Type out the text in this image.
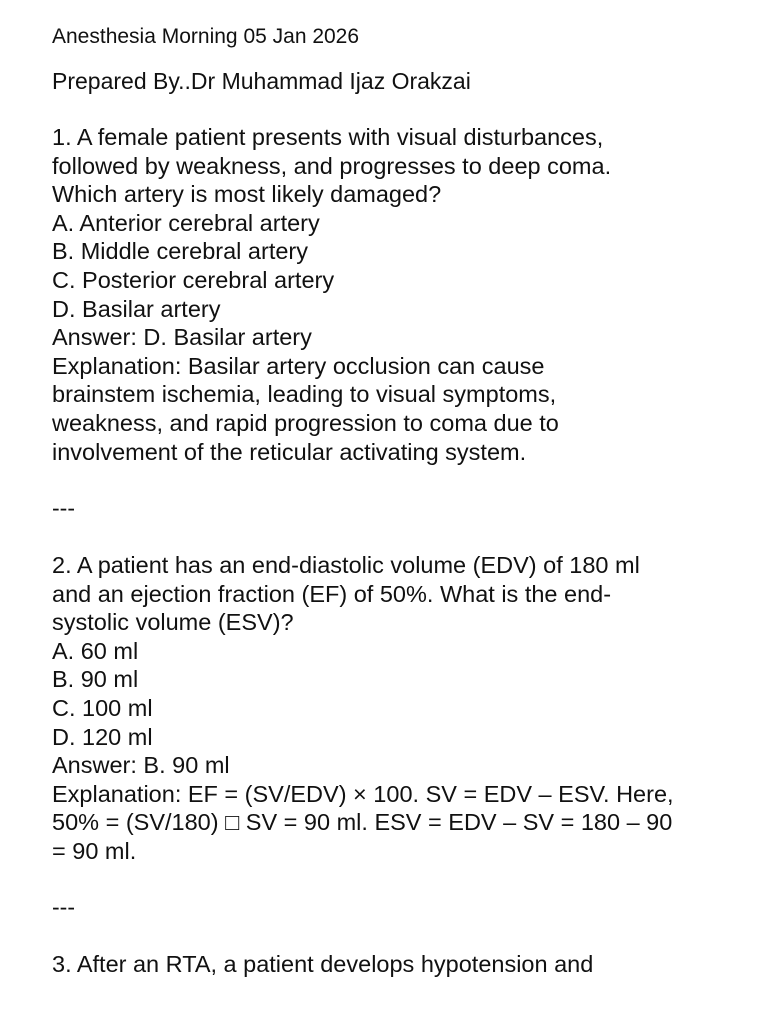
Anesthesia Morning 05 Jan 2026
Prepared By..Dr Muhammad Ijaz Orakzai
1. A female patient presents with visual disturbances,
followed by weakness, and progresses to deep coma.
Which artery is most likely damaged?
A. Anterior cerebral artery
B. Middle cerebral artery
C. Posterior cerebral artery
D. Basilar artery
Answer: D. Basilar artery
Explanation: Basilar artery occlusion can cause
brainstem ischemia, leading to visual symptoms,
weakness, and rapid progression to coma due to
involvement of the reticular activating system.
---
2. A patient has an end-diastolic volume (EDV) of 180 ml
and an ejection fraction (EF) of 50%. What is the end-
systolic volume (ESV)?
A. 60 ml
B. 90 ml
C. 100 ml
D. 120 ml
Answer: B. 90 ml
Explanation: EF = (SV/EDV) × 100. SV = EDV – ESV. Here,
50% = (SV/180) □ SV = 90 ml. ESV = EDV – SV = 180 – 90
= 90 ml.
---
3. After an RTA, a patient develops hypotension and
